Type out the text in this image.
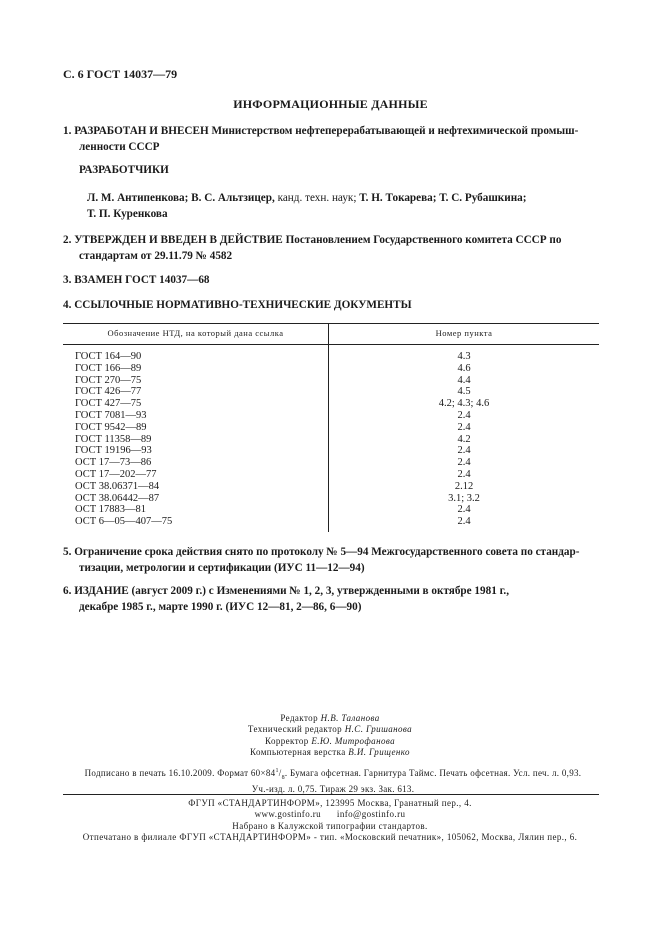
С. 6 ГОСТ 14037—79
ИНФОРМАЦИОННЫЕ ДАННЫЕ
1. РАЗРАБОТАН И ВНЕСЕН Министерством нефтеперерабатывающей и нефтехимической промыш-
ленности СССР
РАЗРАБОТЧИКИ
Л. М. Антипенкова; В. С. Альтзицер, канд. техн. наук; Т. Н. Токарева; Т. С. Рубашкина;
Т. П. Куренкова
2. УТВЕРЖДЕН И ВВЕДЕН В ДЕЙСТВИЕ Постановлением Государственного комитета СССР по
стандартам от 29.11.79 № 4582
3. ВЗАМЕН ГОСТ 14037—68
4. ССЫЛОЧНЫЕ НОРМАТИВНО-ТЕХНИЧЕСКИЕ ДОКУМЕНТЫ
Обозначение НТД, на который дана ссылка	Номер пункта
ГОСТ 164—90	4.3
ГОСТ 166—89	4.6
ГОСТ 270—75	4.4
ГОСТ 426—77	4.5
ГОСТ 427—75	4.2; 4.3; 4.6
ГОСТ 7081—93	2.4
ГОСТ 9542—89	2.4
ГОСТ 11358—89	4.2
ГОСТ 19196—93	2.4
ОСТ 17—73—86	2.4
ОСТ 17—202—77	2.4
ОСТ 38.06371—84	2.12
ОСТ 38.06442—87	3.1; 3.2
ОСТ 17883—81	2.4
ОСТ 6—05—407—75	2.4
5. Ограничение срока действия снято по протоколу № 5—94 Межгосударственного совета по стандар-
тизации, метрологии и сертификации (ИУС 11—12—94)
6. ИЗДАНИЕ (август 2009 г.) с Изменениями № 1, 2, 3, утвержденными в октябре 1981 г.,
декабре 1985 г., марте 1990 г. (ИУС 12—81, 2—86, 6—90)
Редактор Н.В. Таланова
Технический редактор Н.С. Гришанова
Корректор Е.Ю. Митрофанова
Компьютерная верстка В.И. Грищенко
Подписано в печать 16.10.2009. Формат $60\times 84^1/_8$. Бумага офсетная. Гарнитура Таймс. Печать офсетная. Усл. печ. л. 0,93.
Уч.-изд. л. 0,75. Тираж 29 экз. Зак. 613.
ФГУП «СТАНДАРТИНФОРМ», 123995 Москва, Гранатный пер., 4.
www.gostinfo.ru      info@gostinfo.ru
Набрано в Калужской типографии стандартов.
Отпечатано в филиале ФГУП «СТАНДАРТИНФОРМ» - тип. «Московский печатник», 105062, Москва, Лялин пер., 6.
